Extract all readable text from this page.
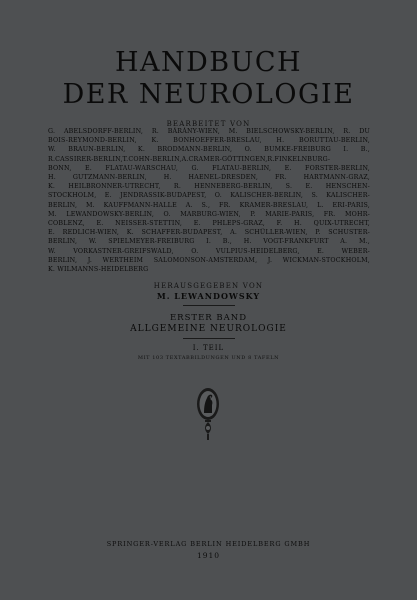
HANDBUCH
DER NEUROLOGIE
BEARBEITET VON
G. ABELSDORFF-BERLIN, R. BÁRÁNY-WIEN, M. BIELSCHOWSKY-BERLIN, R. DU
BOIS-REYMOND-BERLIN, K. BONHOEFFER-BRESLAU, H. BORUTTAU-BERLIN,
W. BRAUN-BERLIN, K. BRODMANN-BERLIN, O. BUMKE-FREIBURG I. B.,
R.CASSIRER-BERLIN,T.COHN-BERLIN,A.CRAMER-GÖTTINGEN,R.FINKELNBURG-
BONN, E. FLATAU-WARSCHAU, G. FLATAU-BERLIN, E. FORSTER-BERLIN,
H. GUTZMANN-BERLIN, H. HAENEL-DRESDEN, FR. HARTMANN-GRAZ,
K. HEILBRONNER-UTRECHT, R. HENNEBERG-BERLIN, S. E. HENSCHEN-
STOCKHOLM, E. JENDRASSIK-BUDAPEST, O. KALISCHER-BERLIN, S. KALISCHER-
BERLIN, M. KAUFFMANN-HALLE A. S., FR. KRAMER-BRESLAU, L. ERI-PARIS,
M. LEWANDOWSKY-BERLIN, O. MARBURG-WIEN, P. MARIE-PARIS, FR. MOHR-
COBLENZ, E. NEISSER-STETTIN, E. PHLEPS-GRAZ, F. H. QUIX-UTRECHT,
E. REDLICH-WIEN, K. SCHAFFER-BUDAPEST, A. SCHÜLLER-WIEN, P. SCHUSTER-
BERLIN, W. SPIELMEYER-FREIBURG I. B., H. VOGT-FRANKFURT A. M.,
W. VORKASTNER-GREIFSWALD, O. VULPIUS-HEIDELBERG, E. WEBER-
BERLIN, J. WERTHEIM SALOMONSON-AMSTERDAM, J. WICKMAN-STOCKHOLM,
K. WILMANNS-HEIDELBERG
HERAUSGEGEBEN VON
M. LEWANDOWSKY
ERSTER BAND
ALLGEMEINE NEUROLOGIE
I. TEIL
MIT 103 TEXTABBILDUNGEN UND 8 TAFELN
SPRINGER-VERLAG BERLIN HEIDELBERG GMBH
1910
